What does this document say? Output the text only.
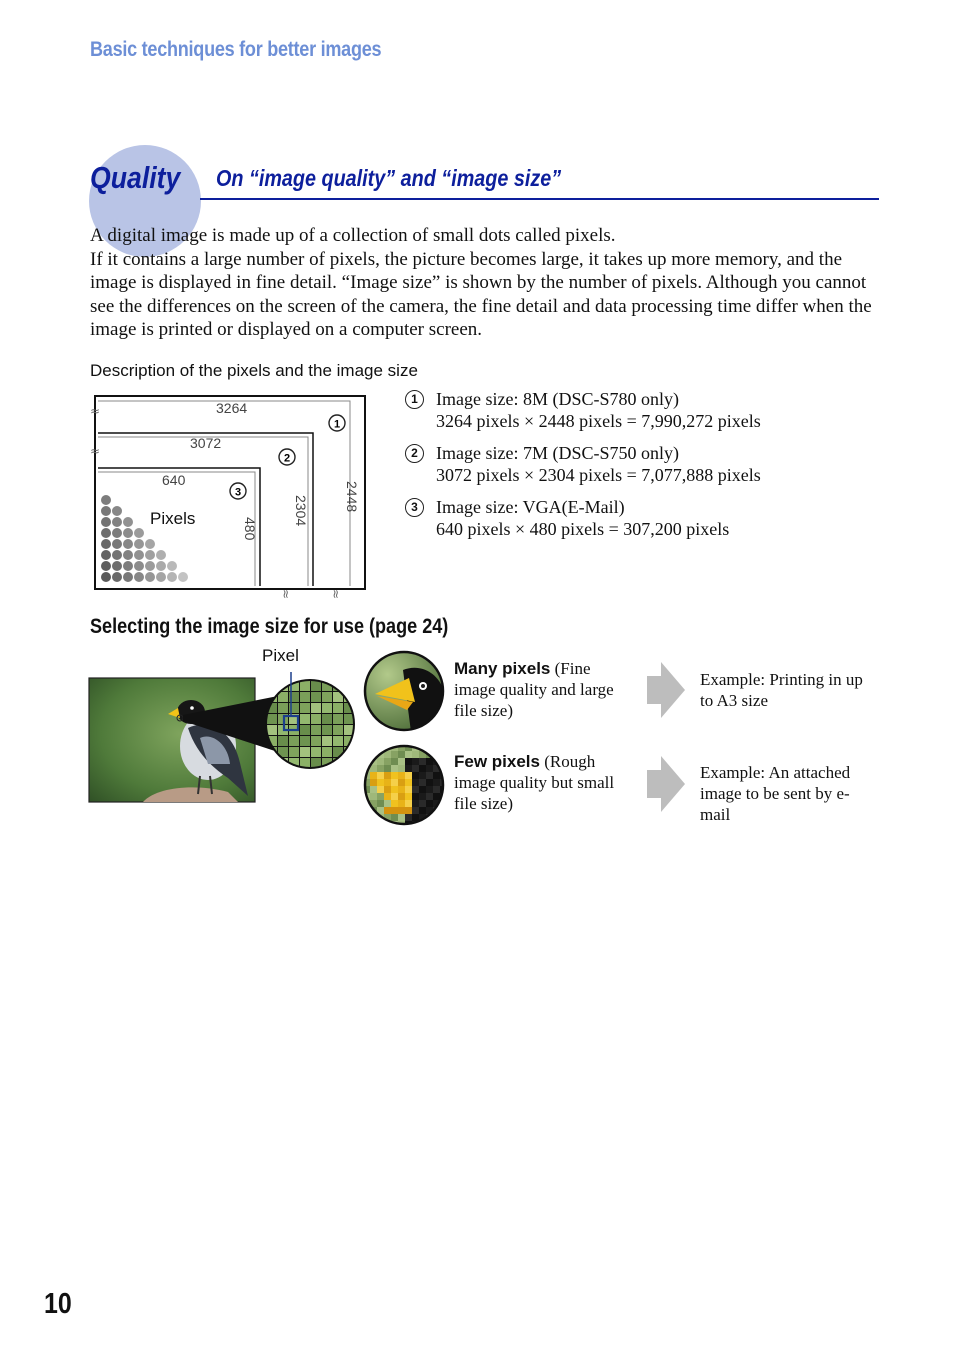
Basic techniques for better images
Quality On “image quality” and “image size”

A digital image is made up of a collection of small dots called pixels.

If it contains a large number of pixels, the picture becomes large, it takes up more memory, and the image is displayed in fine detail. “Image size” is shown by the number of pixels. Although you cannot see the differences on the screen of the camera, the fine detail and data processing time differ when the image is printed or displayed on a computer screen.

Description of the pixels and the image size
≈
≈
≈	≈
3264
3072
640
2448
2304
480
1
2
3
Pixels
1	Image size: 8M (DSC-S780 only)
3264 pixels × 2448 pixels = 7,990,272 pixels
2	Image size: 7M (DSC-S750 only)
3072 pixels × 2304 pixels = 7,077,888 pixels
3	Image size: VGA(E-Mail)
640 pixels × 480 pixels = 307,200 pixels
Selecting the image size for use (page 24)
Pixel
Many pixels (Fine image quality and large file size)
Few pixels (Rough image quality but small file size)
Example: Printing in up to A3 size
Example: An attached image to be sent by e-mail
10
